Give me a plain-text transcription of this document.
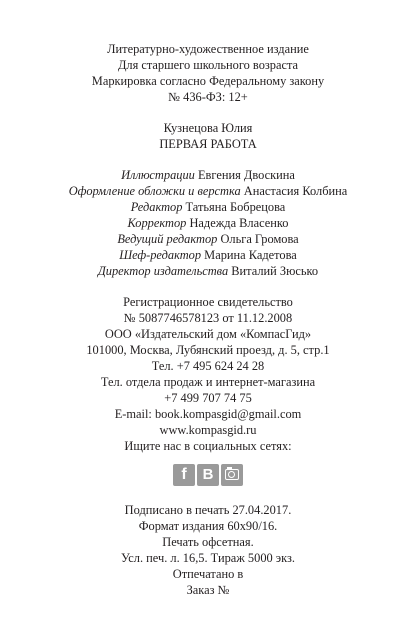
Литературно-художественное издание
Для старшего школьного возраста
Маркировка согласно Федеральному закону
№ 436-ФЗ: 12+
Кузнецова Юлия
ПЕРВАЯ РАБОТА
Иллюстрации Евгения Двоскина
Оформление обложки и верстка Анастасия Колбина
Редактор Татьяна Бобрецова
Корректор Надежда Власенко
Ведущий редактор Ольга Громова
Шеф-редактор Марина Кадетова
Директор издательства Виталий Зюсько
Регистрационное свидетельство
№ 5087746578123 от 11.12.2008
ООО «Издательский дом «КомпасГид»
101000, Москва, Лубянский проезд, д. 5, стр.1
Тел. +7 495 624 24 28
Тел. отдела продаж и интернет-магазина
+7 499 707 74 75
E-mail: book.kompasgid@gmail.com
www.kompasgid.ru
Ищите нас в социальных сетях:
f	B
Подписано в печать 27.04.2017.
Формат издания 60х90/16.
Печать офсетная.
Усл. печ. л. 16,5. Тираж 5000 экз.
Отпечатано в
Заказ №
